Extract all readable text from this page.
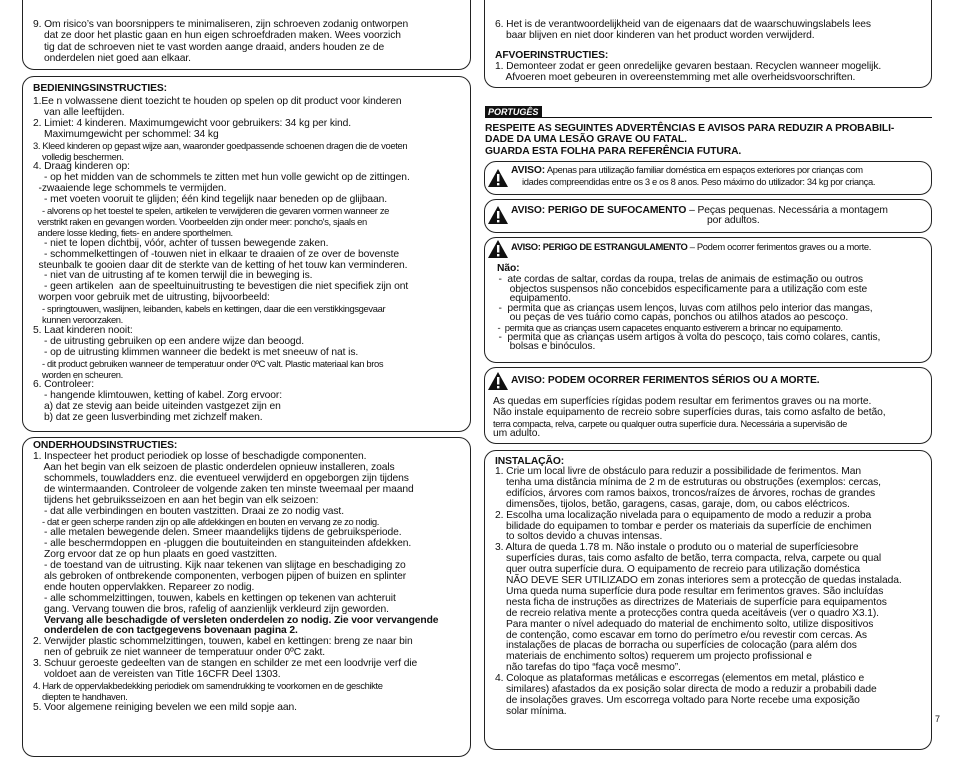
9. Om risico’s van boorsnippers te minimaliseren, zijn schroeven zodanig ontworpen
dat ze door het plastic gaan en hun eigen schroefdraden maken. Wees voorzich
tig dat de schroeven niet te vast worden aange draaid, anders houden ze de
onderdelen niet goed aan elkaar.
BEDIENINGSINSTRUCTIES:
1.Ee n volwassene dient toezicht te houden op spelen op dit product voor kinderen
van alle leeftijden.
2. Limiet: 4 kinderen. Maximumgewicht voor gebruikers: 34 kg per kind.
Maximumgewicht per schommel: 34 kg
3. Kleed kinderen op gepast wijze aan, waaronder goedpassende schoenen dragen die de voeten
volledig beschermen.
4. Draag kinderen op:
- op het midden van de schommels te zitten met hun volle gewicht op de zittingen.
-zwaaiende lege schommels te vermijden.
- met voeten vooruit te glijden; één kind tegelijk naar beneden op de glijbaan.
- alvorens op het toestel te spelen, artikelen te verwijderen die gevaren vormen wanneer ze
verstrikt raken en gevangen worden. Voorbeelden zijn onder meer: poncho's, sjaals en
andere losse kleding, fiets- en andere sporthelmen.
- niet te lopen dichtbij, vóór, achter of tussen bewegende zaken.
- schommelkettingen of -touwen niet in elkaar te draaien of ze over de bovenste
steunbalk te gooien daar dit de sterkte van de ketting of het touw kan verminderen.
- niet van de uitrusting af te komen terwijl die in beweging is.
- geen artikelen  aan de speeltuinuitrusting te bevestigen die niet specifiek zijn ont
worpen voor gebruik met de uitrusting, bijvoorbeeld:
- springtouwen, waslijnen, leibanden, kabels en kettingen, daar die een verstikkingsgevaar
kunnen veroorzaken.
5. Laat kinderen nooit:
- de uitrusting gebruiken op een andere wijze dan beoogd.
- op de uitrusting klimmen wanneer die bedekt is met sneeuw of nat is.
- dit product gebruiken wanneer de temperatuur onder 0ºC valt. Plastic materiaal kan bros
worden en scheuren.
6. Controleer:
- hangende klimtouwen, ketting of kabel. Zorg ervoor:
a) dat ze stevig aan beide uiteinden vastgezet zijn en
b) dat ze geen lusverbinding met zichzelf maken.
ONDERHOUDSINSTRUCTIES:
1. Inspecteer het product periodiek op losse of beschadigde componenten.
Aan het begin van elk seizoen de plastic onderdelen opnieuw installeren, zoals
schommels, touwladders enz. die eventueel verwijderd en opgeborgen zijn tijdens
de wintermaanden. Controleer de volgende zaken ten minste tweemaal per maand
tijdens het gebruiksseizoen en aan het begin van elk seizoen:
- dat alle verbindingen en bouten vastzitten. Draai ze zo nodig vast.
- dat er geen scherpe randen zijn op alle afdekkingen en bouten en vervang ze zo nodig.
- alle metalen bewegende delen. Smeer maandelijks tijdens de gebruiksperiode.
- alle beschermdoppen en -pluggen die boutuiteinden en stanguiteinden afdekken.
Zorg ervoor dat ze op hun plaats en goed vastzitten.
- de toestand van de uitrusting. Kijk naar tekenen van slijtage en beschadiging zo
als gebroken of ontbrekende componenten, verbogen pijpen of buizen en splinter
ende houten oppervlakken. Repareer zo nodig.
- alle schommelzittingen, touwen, kabels en kettingen op tekenen van achteruit
gang. Vervang touwen die bros, rafelig of aanzienlijk verkleurd zijn geworden.
Vervang alle beschadigde of versleten onderdelen zo nodig. Zie voor vervangende
onderdelen de con tactgegevens bovenaan pagina 2.
2. Verwijder plastic schommelzittingen, touwen, kabel en kettingen: breng ze naar bin
nen of gebruik ze niet wanneer de temperatuur onder 0ºC zakt.
3. Schuur geroeste gedeelten van de stangen en schilder ze met een loodvrije verf die
voldoet aan de vereisten van Title 16CFR Deel 1303.
4. Hark de oppervlakbedekking periodiek om samendrukking te voorkomen en de geschikte
diepten te handhaven.
5. Voor algemene reiniging bevelen we een mild sopje aan.
6. Het is de verantwoordelijkheid van de eigenaars dat de waarschuwingslabels lees
baar blijven en niet door kinderen van het product worden verwijderd.
AFVOERINSTRUCTIES:
1. Demonteer zodat er geen onredelijke gevaren bestaan. Recyclen wanneer mogelijk.
Afvoeren moet gebeuren in overeenstemming met alle overheidsvoorschriften.
PORTUGÊS
RESPEITE AS SEGUINTES ADVERTÊNCIAS E AVISOS PARA REDUZIR A PROBABILI-
DADE DA UMA LESÃO GRAVE OU FATAL.
GUARDA ESTA FOLHA PARA REFERÊNCIA FUTURA.
AVISO: Apenas para utilização familiar doméstica em espaços exteriores por crianças com
idades compreendidas entre os 3 e os 8 anos. Peso máximo do utilizador: 34 kg por criança.
AVISO: PERIGO DE SUFOCAMENTO – Peças pequenas. Necessária a montagem
por adultos.
AVISO: PERIGO DE ESTRANGULAMENTO – Podem ocorrer ferimentos graves ou a morte.
Não:
-  ate cordas de saltar, cordas da roupa, trelas de animais de estimação ou outros
objectos suspensos não concebidos especificamente para a utilização com este
equipamento.
-  permita que as crianças usem lenços, luvas com atilhos pelo interior das mangas,
ou peças de ves tuário como capas, ponchos ou atilhos atados ao pescoço.
-  permita que as crianças usem capacetes enquanto estiverem a brincar no equipamento.
-  permita que as crianças usem artigos à volta do pescoço, tais como colares, cantis,
bolsas e binóculos.
AVISO: PODEM OCORRER FERIMENTOS SÉRIOS OU A MORTE.
As quedas em superfícies rígidas podem resultar em ferimentos graves ou na morte.
Não instale equipamento de recreio sobre superfícies duras, tais como asfalto de betão,
terra compacta, relva, carpete ou qualquer outra superfície dura. Necessária a supervisão de
um adulto.
INSTALAÇÃO:
1. Crie um local livre de obstáculo para reduzir a possibilidade de ferimentos. Man
tenha uma distância mínima de 2 m de estruturas ou obstruções (exemplos: cercas,
edifícios, árvores com ramos baixos, troncos/raízes de árvores, rochas de grandes
dimensões, tijolos, betão, garagens, casas, garaje, dom, ou cabos eléctricos.
2. Escolha uma localização nivelada para o equipamento de modo a reduzir a proba
bilidade do equipamen to tombar e perder os materiais da superfície de enchimen
to soltos devido a chuvas intensas.
3. Altura de queda 1.78 m. Não instale o produto ou o material de superfíciesobre
superfícies duras, tais como asfalto de betão, terra compacta, relva, carpete ou qual
quer outra superfície dura. O equipamento de recreio para utilização doméstica
NÃO DEVE SER UTILIZADO em zonas interiores sem a protecção de quedas instalada.
Uma queda numa superfície dura pode resultar em ferimentos graves. São incluídas
nesta ficha de instruções as directrizes de Materiais de superfície para equipamentos
de recreio relativa mente a protecções contra queda aceitáveis (ver o quadro X3.1).
Para manter o nível adequado do material de enchimento solto, utilize dispositivos
de contenção, como escavar em torno do perímetro e/ou revestir com cercas. As
instalações de placas de borracha ou superfícies de colocação (para além dos
materiais de enchimento soltos) requerem um projecto profissional e
não tarefas do tipo “faça você mesmo”.
4. Coloque as plataformas metálicas e escorregas (elementos em metal, plástico e
similares) afastados da ex posição solar directa de modo a reduzir a probabili dade
de insolações graves. Um escorrega voltado para Norte recebe uma exposição
solar mínima.
7
